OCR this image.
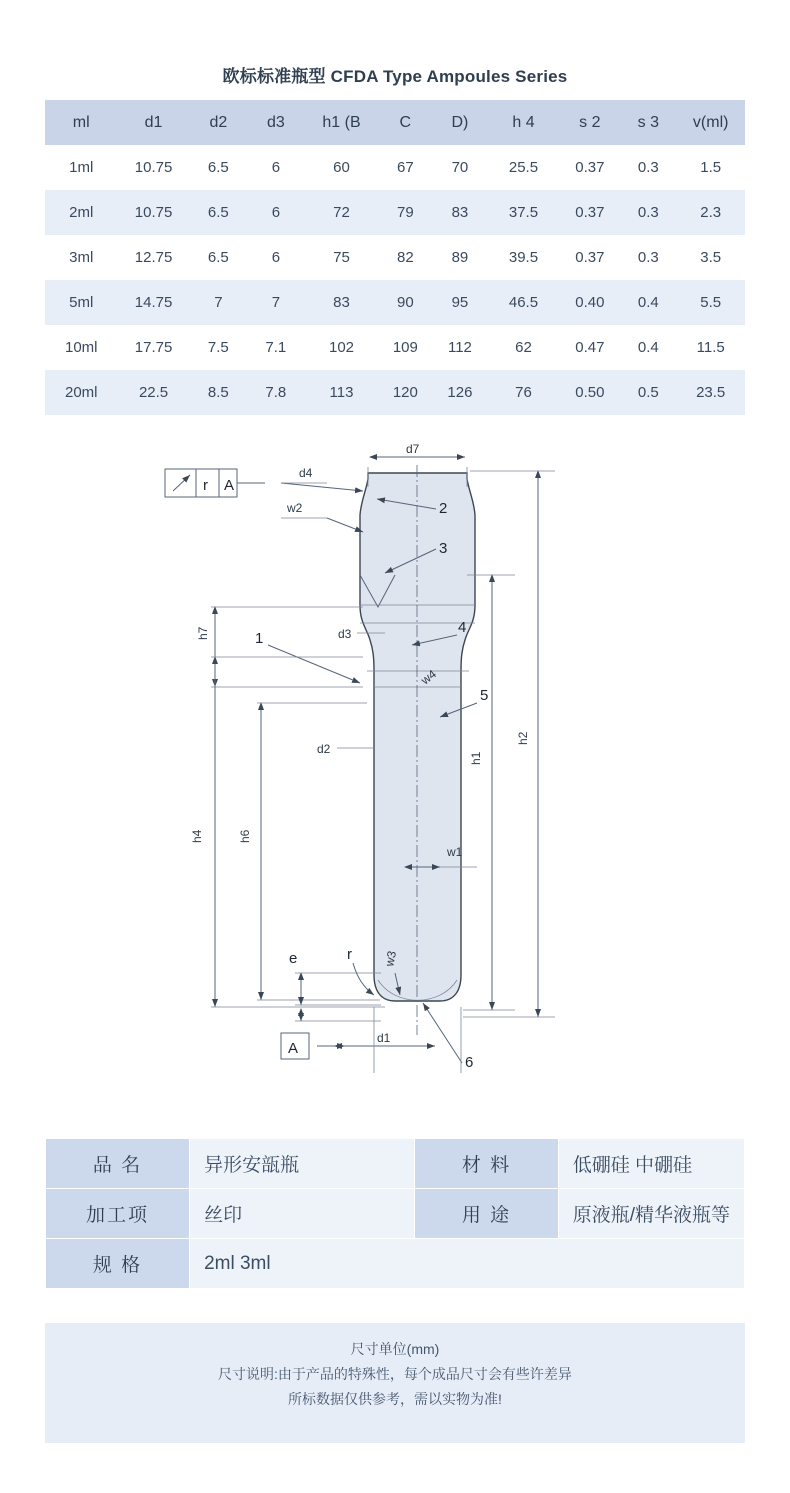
欧标标准瓶型 CFDA Type Ampoules Series
ml	d1	d2	d3	h1 (B	C	D)	h 4	s 2	s 3	v(ml)
1ml	10.75	6.5	6	60	67	70	25.5	0.37	0.3	1.5
2ml	10.75	6.5	6	72	79	83	37.5	0.37	0.3	2.3
3ml	12.75	6.5	6	75	82	89	39.5	0.37	0.3	3.5
5ml	14.75	7	7	83	90	95	46.5	0.40	0.4	5.5
10ml	17.75	7.5	7.1	102	109	112	62	0.47	0.4	11.5
20ml	22.5	8.5	7.8	113	120	126	76	0.50	0.5	23.5
d7
r A
d4
w2	2
3
d3	4
w4
5
1
h7
h4	h6
d2
w1
h1
h2
e	r	w3
6
A
d1
品 名	异形安瓿瓶	材 料	低硼硅 中硼硅
加工项	丝印	用 途	原液瓶/精华液瓶等
规 格	2ml 3ml		
尺寸单位(mm)
尺寸说明:由于产品的特殊性，每个成品尺寸会有些许差异
所标数据仅供参考，需以实物为准!
